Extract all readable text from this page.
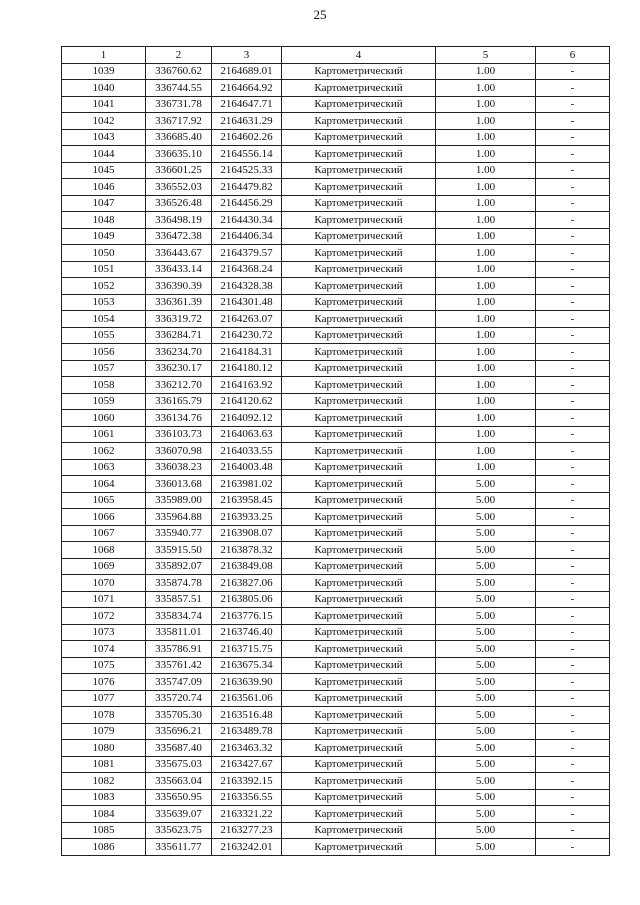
25
1	2	3	4	5	6
1039	336760.62	2164689.01	Картометрический	1.00	-
1040	336744.55	2164664.92	Картометрический	1.00	-
1041	336731.78	2164647.71	Картометрический	1.00	-
1042	336717.92	2164631.29	Картометрический	1.00	-
1043	336685.40	2164602.26	Картометрический	1.00	-
1044	336635.10	2164556.14	Картометрический	1.00	-
1045	336601.25	2164525.33	Картометрический	1.00	-
1046	336552.03	2164479.82	Картометрический	1.00	-
1047	336526.48	2164456.29	Картометрический	1.00	-
1048	336498.19	2164430.34	Картометрический	1.00	-
1049	336472.38	2164406.34	Картометрический	1.00	-
1050	336443.67	2164379.57	Картометрический	1.00	-
1051	336433.14	2164368.24	Картометрический	1.00	-
1052	336390.39	2164328.38	Картометрический	1.00	-
1053	336361.39	2164301.48	Картометрический	1.00	-
1054	336319.72	2164263.07	Картометрический	1.00	-
1055	336284.71	2164230.72	Картометрический	1.00	-
1056	336234.70	2164184.31	Картометрический	1.00	-
1057	336230.17	2164180.12	Картометрический	1.00	-
1058	336212.70	2164163.92	Картометрический	1.00	-
1059	336165.79	2164120.62	Картометрический	1.00	-
1060	336134.76	2164092.12	Картометрический	1.00	-
1061	336103.73	2164063.63	Картометрический	1.00	-
1062	336070.98	2164033.55	Картометрический	1.00	-
1063	336038.23	2164003.48	Картометрический	1.00	-
1064	336013.68	2163981.02	Картометрический	5.00	-
1065	335989.00	2163958.45	Картометрический	5.00	-
1066	335964.88	2163933.25	Картометрический	5.00	-
1067	335940.77	2163908.07	Картометрический	5.00	-
1068	335915.50	2163878.32	Картометрический	5.00	-
1069	335892.07	2163849.08	Картометрический	5.00	-
1070	335874.78	2163827.06	Картометрический	5.00	-
1071	335857.51	2163805.06	Картометрический	5.00	-
1072	335834.74	2163776.15	Картометрический	5.00	-
1073	335811.01	2163746.40	Картометрический	5.00	-
1074	335786.91	2163715.75	Картометрический	5.00	-
1075	335761.42	2163675.34	Картометрический	5.00	-
1076	335747.09	2163639.90	Картометрический	5.00	-
1077	335720.74	2163561.06	Картометрический	5.00	-
1078	335705.30	2163516.48	Картометрический	5.00	-
1079	335696.21	2163489.78	Картометрический	5.00	-
1080	335687.40	2163463.32	Картометрический	5.00	-
1081	335675.03	2163427.67	Картометрический	5.00	-
1082	335663.04	2163392.15	Картометрический	5.00	-
1083	335650.95	2163356.55	Картометрический	5.00	-
1084	335639.07	2163321.22	Картометрический	5.00	-
1085	335623.75	2163277.23	Картометрический	5.00	-
1086	335611.77	2163242.01	Картометрический	5.00	-
